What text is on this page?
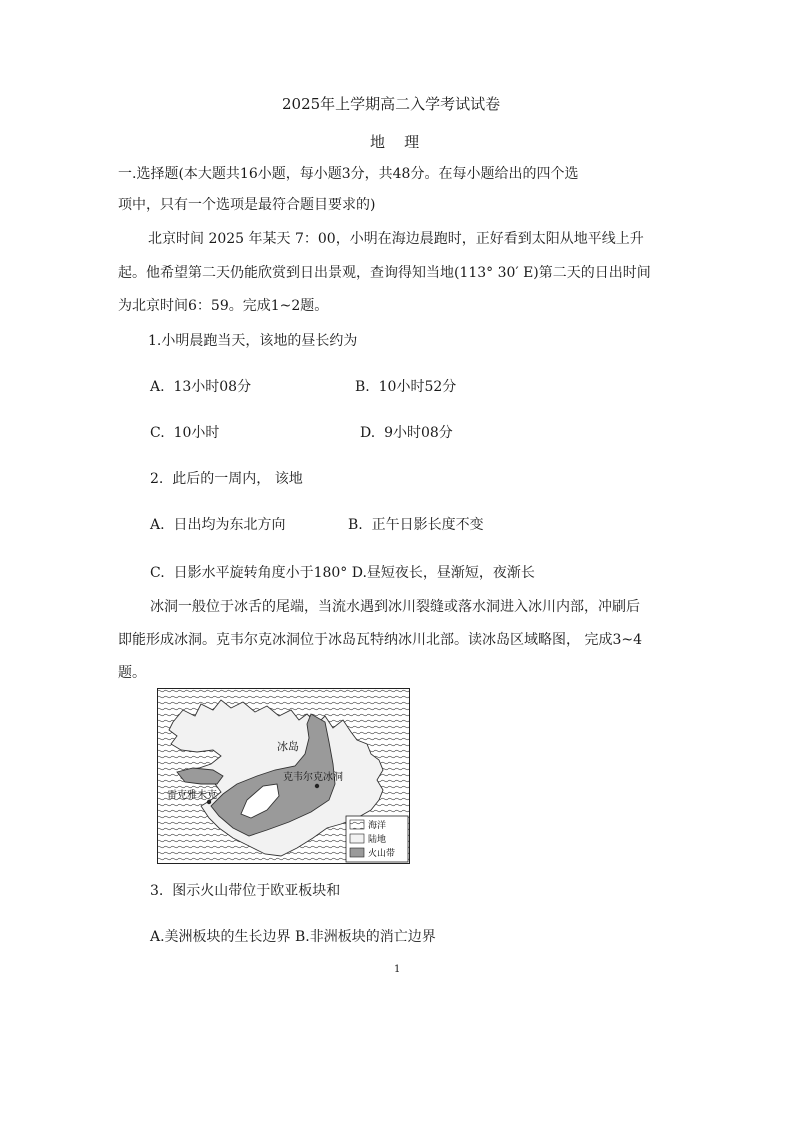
2025年上学期高二入学考试试卷
地    理
一.选择题(本大题共16小题，每小题3分，共48分。在每小题给出的四个选
项中，只有一个选项是最符合题目要求的)
北京时间 2025 年某天 7：00，小明在海边晨跑时，正好看到太阳从地平线上升
起。他希望第二天仍能欣赏到日出景观，查询得知当地(113° 30′ E)第二天的日出时间
为北京时间6：59。完成1~2题。
1.小明晨跑当天，该地的昼长约为
A.  13小时08分	B.  10小时52分
C.  10小时	D.  9小时08分
2.  此后的一周内， 该地
A.  日出均为东北方向	B.  正午日影长度不变
C.  日影水平旋转角度小于180° D.昼短夜长，昼渐短，夜渐长
冰洞一般位于冰舌的尾端，当流水遇到冰川裂缝或落水洞进入冰川内部，冲刷后
即能形成冰洞。克韦尔克冰洞位于冰岛瓦特纳冰川北部。读冰岛区域略图， 完成3~4
题。
冰岛
克韦尔克冰洞
雷克雅未克
海洋
陆地
火山带
3.  图示火山带位于欧亚板块和
A.美洲板块的生长边界 B.非洲板块的消亡边界
1
